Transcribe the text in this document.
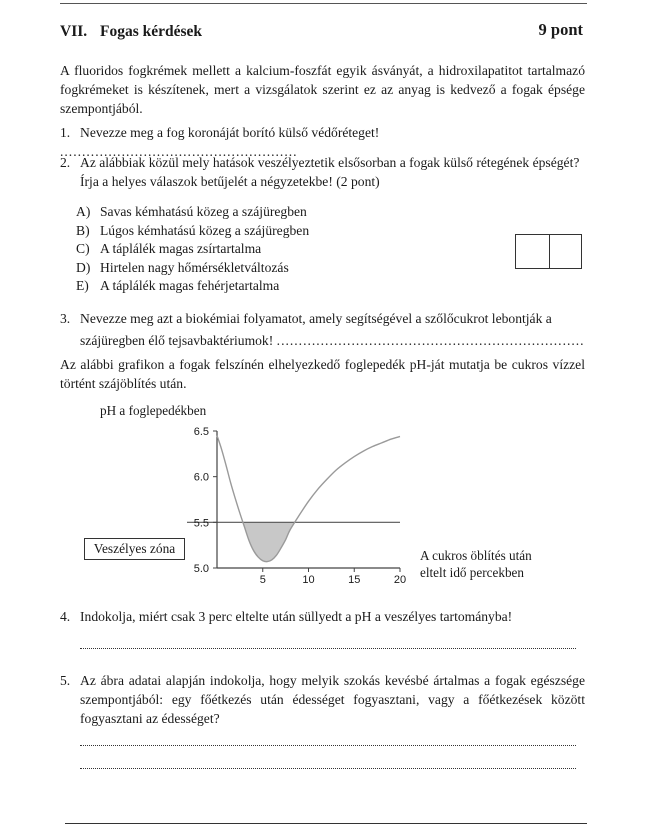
VII. Fogas kérdések	9 pont

A fluoridos fogkrémek mellett a kalcium-foszfát egyik ásványát, a hidroxilapatitot tartalmazó fogkrémeket is készítenek, mert a vizsgálatok szerint ez az anyag is kedvező a fogak épsége szempontjából.

1. Nevezze meg a fog koronáját borító külső védőréteget! ......................................................
2. Az alábbiak közül mely hatások veszélyeztetik elsősorban a fogak külső rétegének épségét?
Írja a helyes válaszok betűjelét a négyzetekbe! (2 pont)
A) Savas kémhatású közeg a szájüregben
B) Lúgos kémhatású közeg a szájüregben
C) A táplálék magas zsírtartalma
D) Hirtelen nagy hőmérsékletváltozás
E) A táplálék magas fehérjetartalma
3. Nevezze meg azt a biokémiai folyamatot, amely segítségével a szőlőcukrot lebontják a
szájüregben élő tejsavbaktériumok! ......................................................................

Az alábbi grafikon a fogak felszínén elhelyezkedő foglepedék pH-ját mutatja be cukros vízzel történt szájöblítés után.

pH a foglepedékben
6.5
6.0
5.5
5.0
5	10	15	20
A cukros öblítés után
eltelt idő percekben
Veszélyes zóna
4. Indokolja, miért csak 3 perc eltelte után süllyedt a pH a veszélyes tartományba!
5. Az ábra adatai alapján indokolja, hogy melyik szokás kevésbé ártalmas a fogak egészsége szempontjából: egy főétkezés után édességet fogyasztani, vagy a főétkezések között fogyasztani az édességet?
